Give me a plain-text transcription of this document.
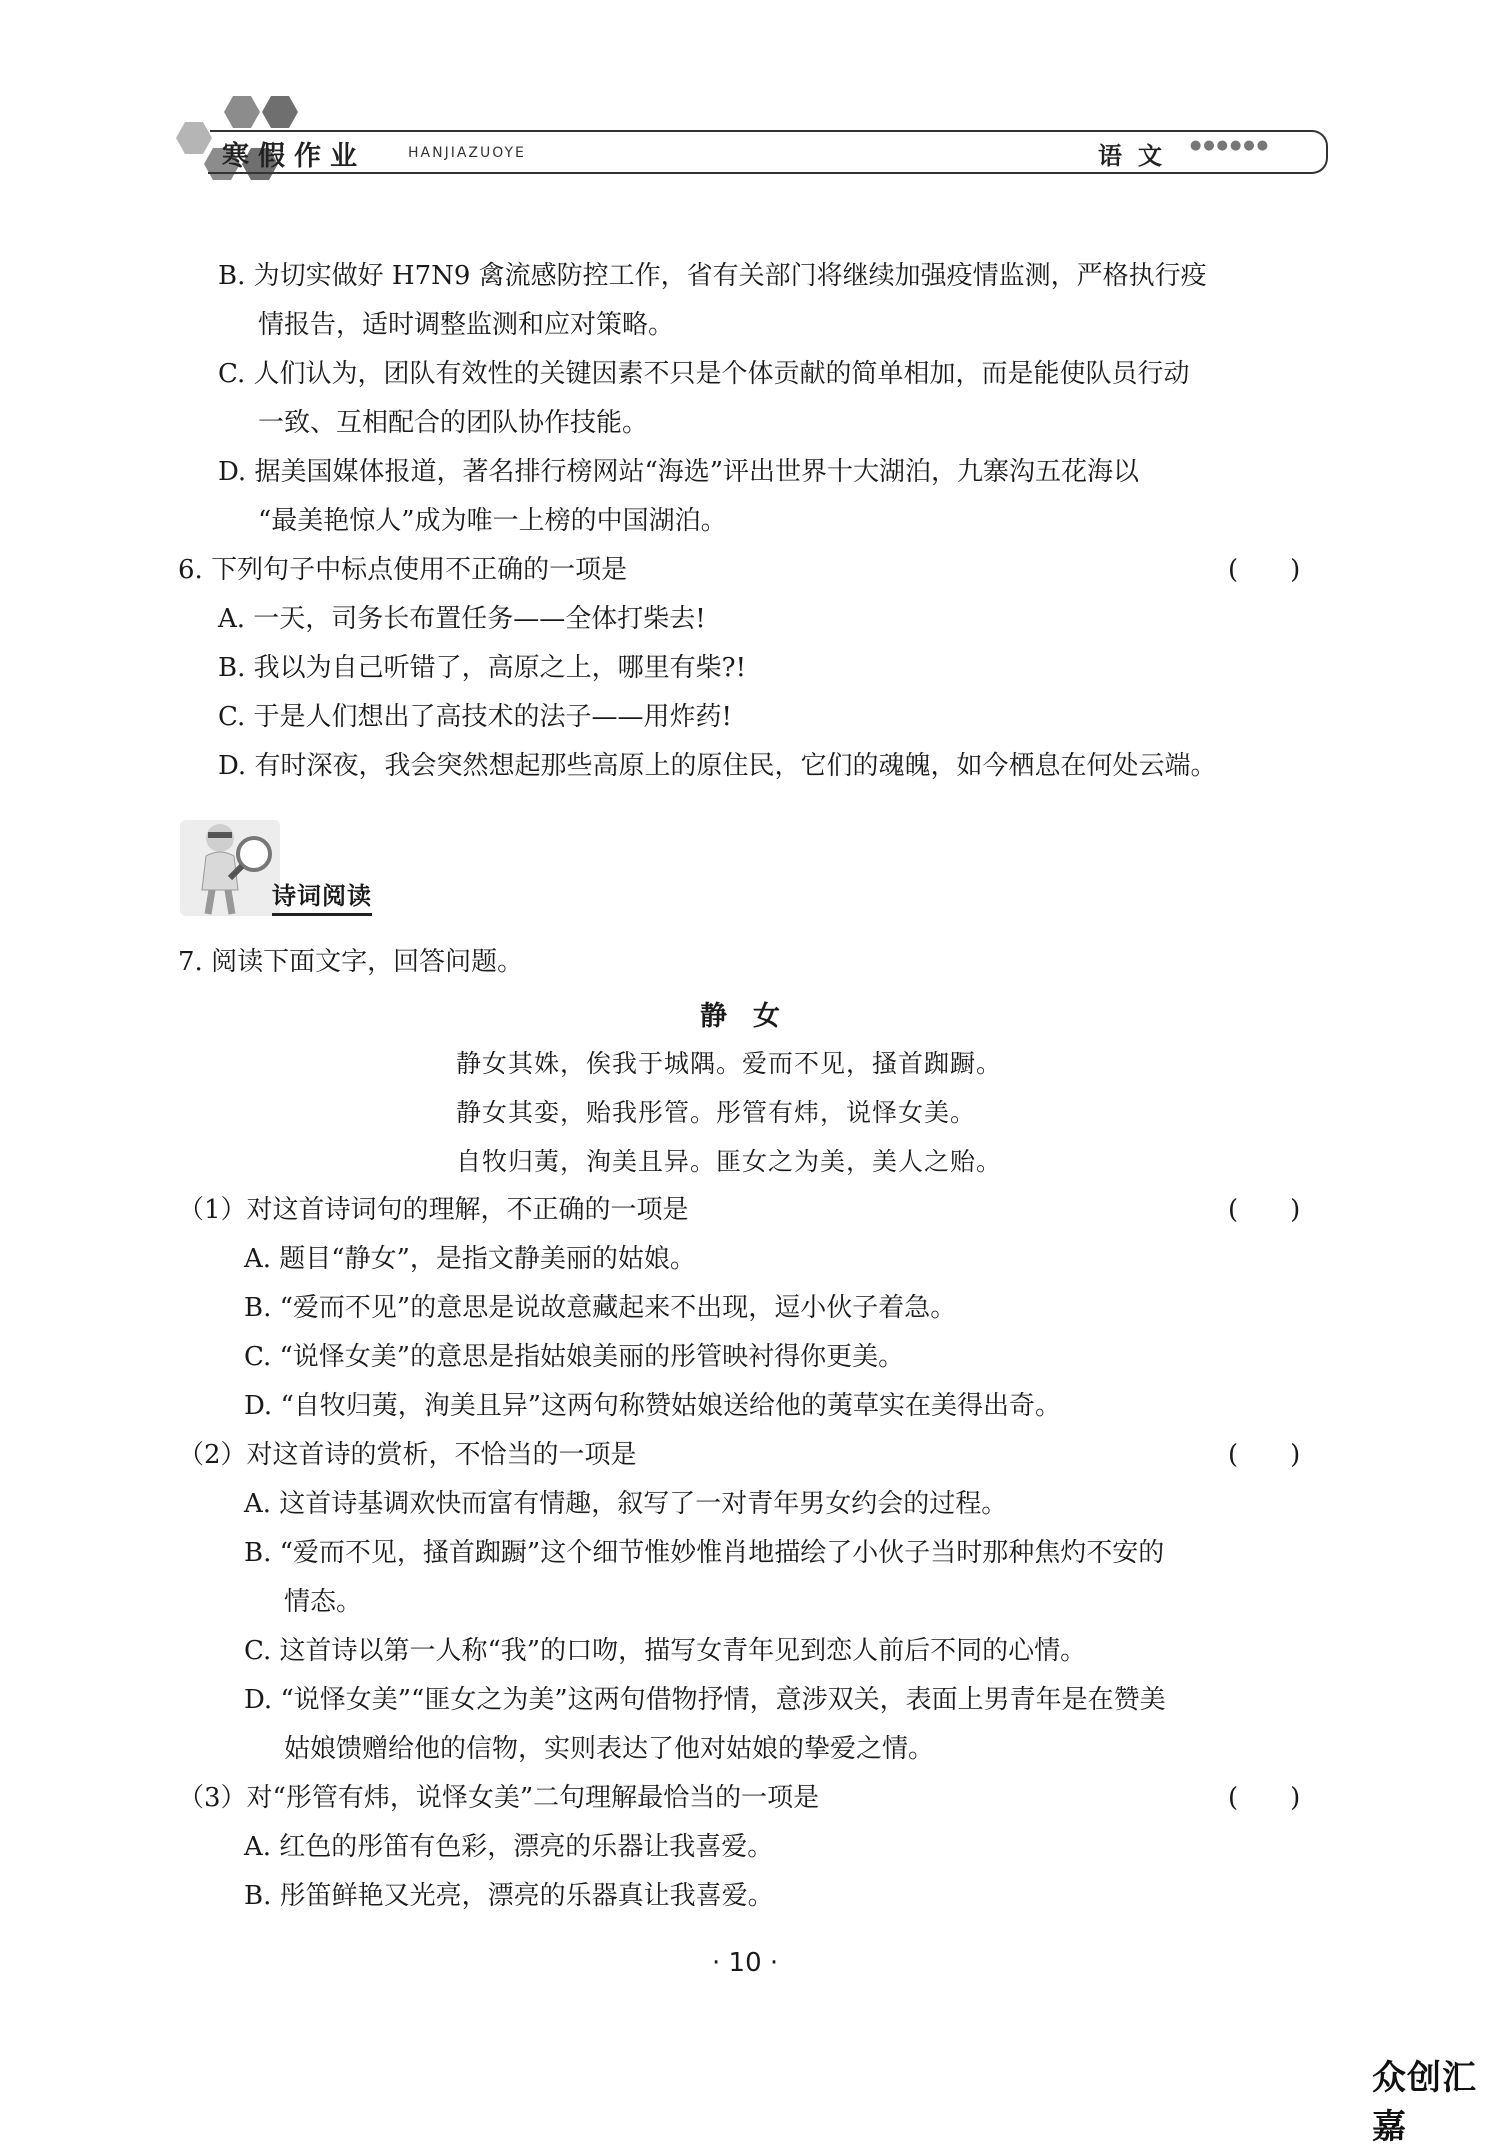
寒假作业	HANJIAZUOYE	语文 ●●●●●●
B. 为切实做好 H7N9 禽流感防控工作，省有关部门将继续加强疫情监测，严格执行疫
情报告，适时调整监测和应对策略。
C. 人们认为，团队有效性的关键因素不只是个体贡献的简单相加，而是能使队员行动
一致、互相配合的团队协作技能。
D. 据美国媒体报道，著名排行榜网站“海选”评出世界十大湖泊，九寨沟五花海以
“最美艳惊人”成为唯一上榜的中国湖泊。
6. 下列句子中标点使用不正确的一项是	(　　)
A. 一天，司务长布置任务——全体打柴去!
B. 我以为自己听错了，高原之上，哪里有柴?!
C. 于是人们想出了高技术的法子——用炸药!
D. 有时深夜，我会突然想起那些高原上的原住民，它们的魂魄，如今栖息在何处云端。
诗词阅读
7. 阅读下面文字，回答问题。
静女
静女其姝，俟我于城隅。爱而不见，搔首踟蹰。
静女其娈，贻我彤管。彤管有炜，说怿女美。
自牧归荑，洵美且异。匪女之为美，美人之贻。
（1）对这首诗词句的理解，不正确的一项是	(　　)
A. 题目“静女”，是指文静美丽的姑娘。
B. “爱而不见”的意思是说故意藏起来不出现，逗小伙子着急。
C. “说怿女美”的意思是指姑娘美丽的彤管映衬得你更美。
D. “自牧归荑，洵美且异”这两句称赞姑娘送给他的荑草实在美得出奇。
（2）对这首诗的赏析，不恰当的一项是	(　　)
A. 这首诗基调欢快而富有情趣，叙写了一对青年男女约会的过程。
B. “爱而不见，搔首踟蹰”这个细节惟妙惟肖地描绘了小伙子当时那种焦灼不安的
情态。
C. 这首诗以第一人称“我”的口吻，描写女青年见到恋人前后不同的心情。
D. “说怿女美”“匪女之为美”这两句借物抒情，意涉双关，表面上男青年是在赞美
姑娘馈赠给他的信物，实则表达了他对姑娘的挚爱之情。
（3）对“彤管有炜，说怿女美”二句理解最恰当的一项是	(　　)
A. 红色的彤笛有色彩，漂亮的乐器让我喜爱。
B. 彤笛鲜艳又光亮，漂亮的乐器真让我喜爱。
· 10 ·
众创汇嘉
